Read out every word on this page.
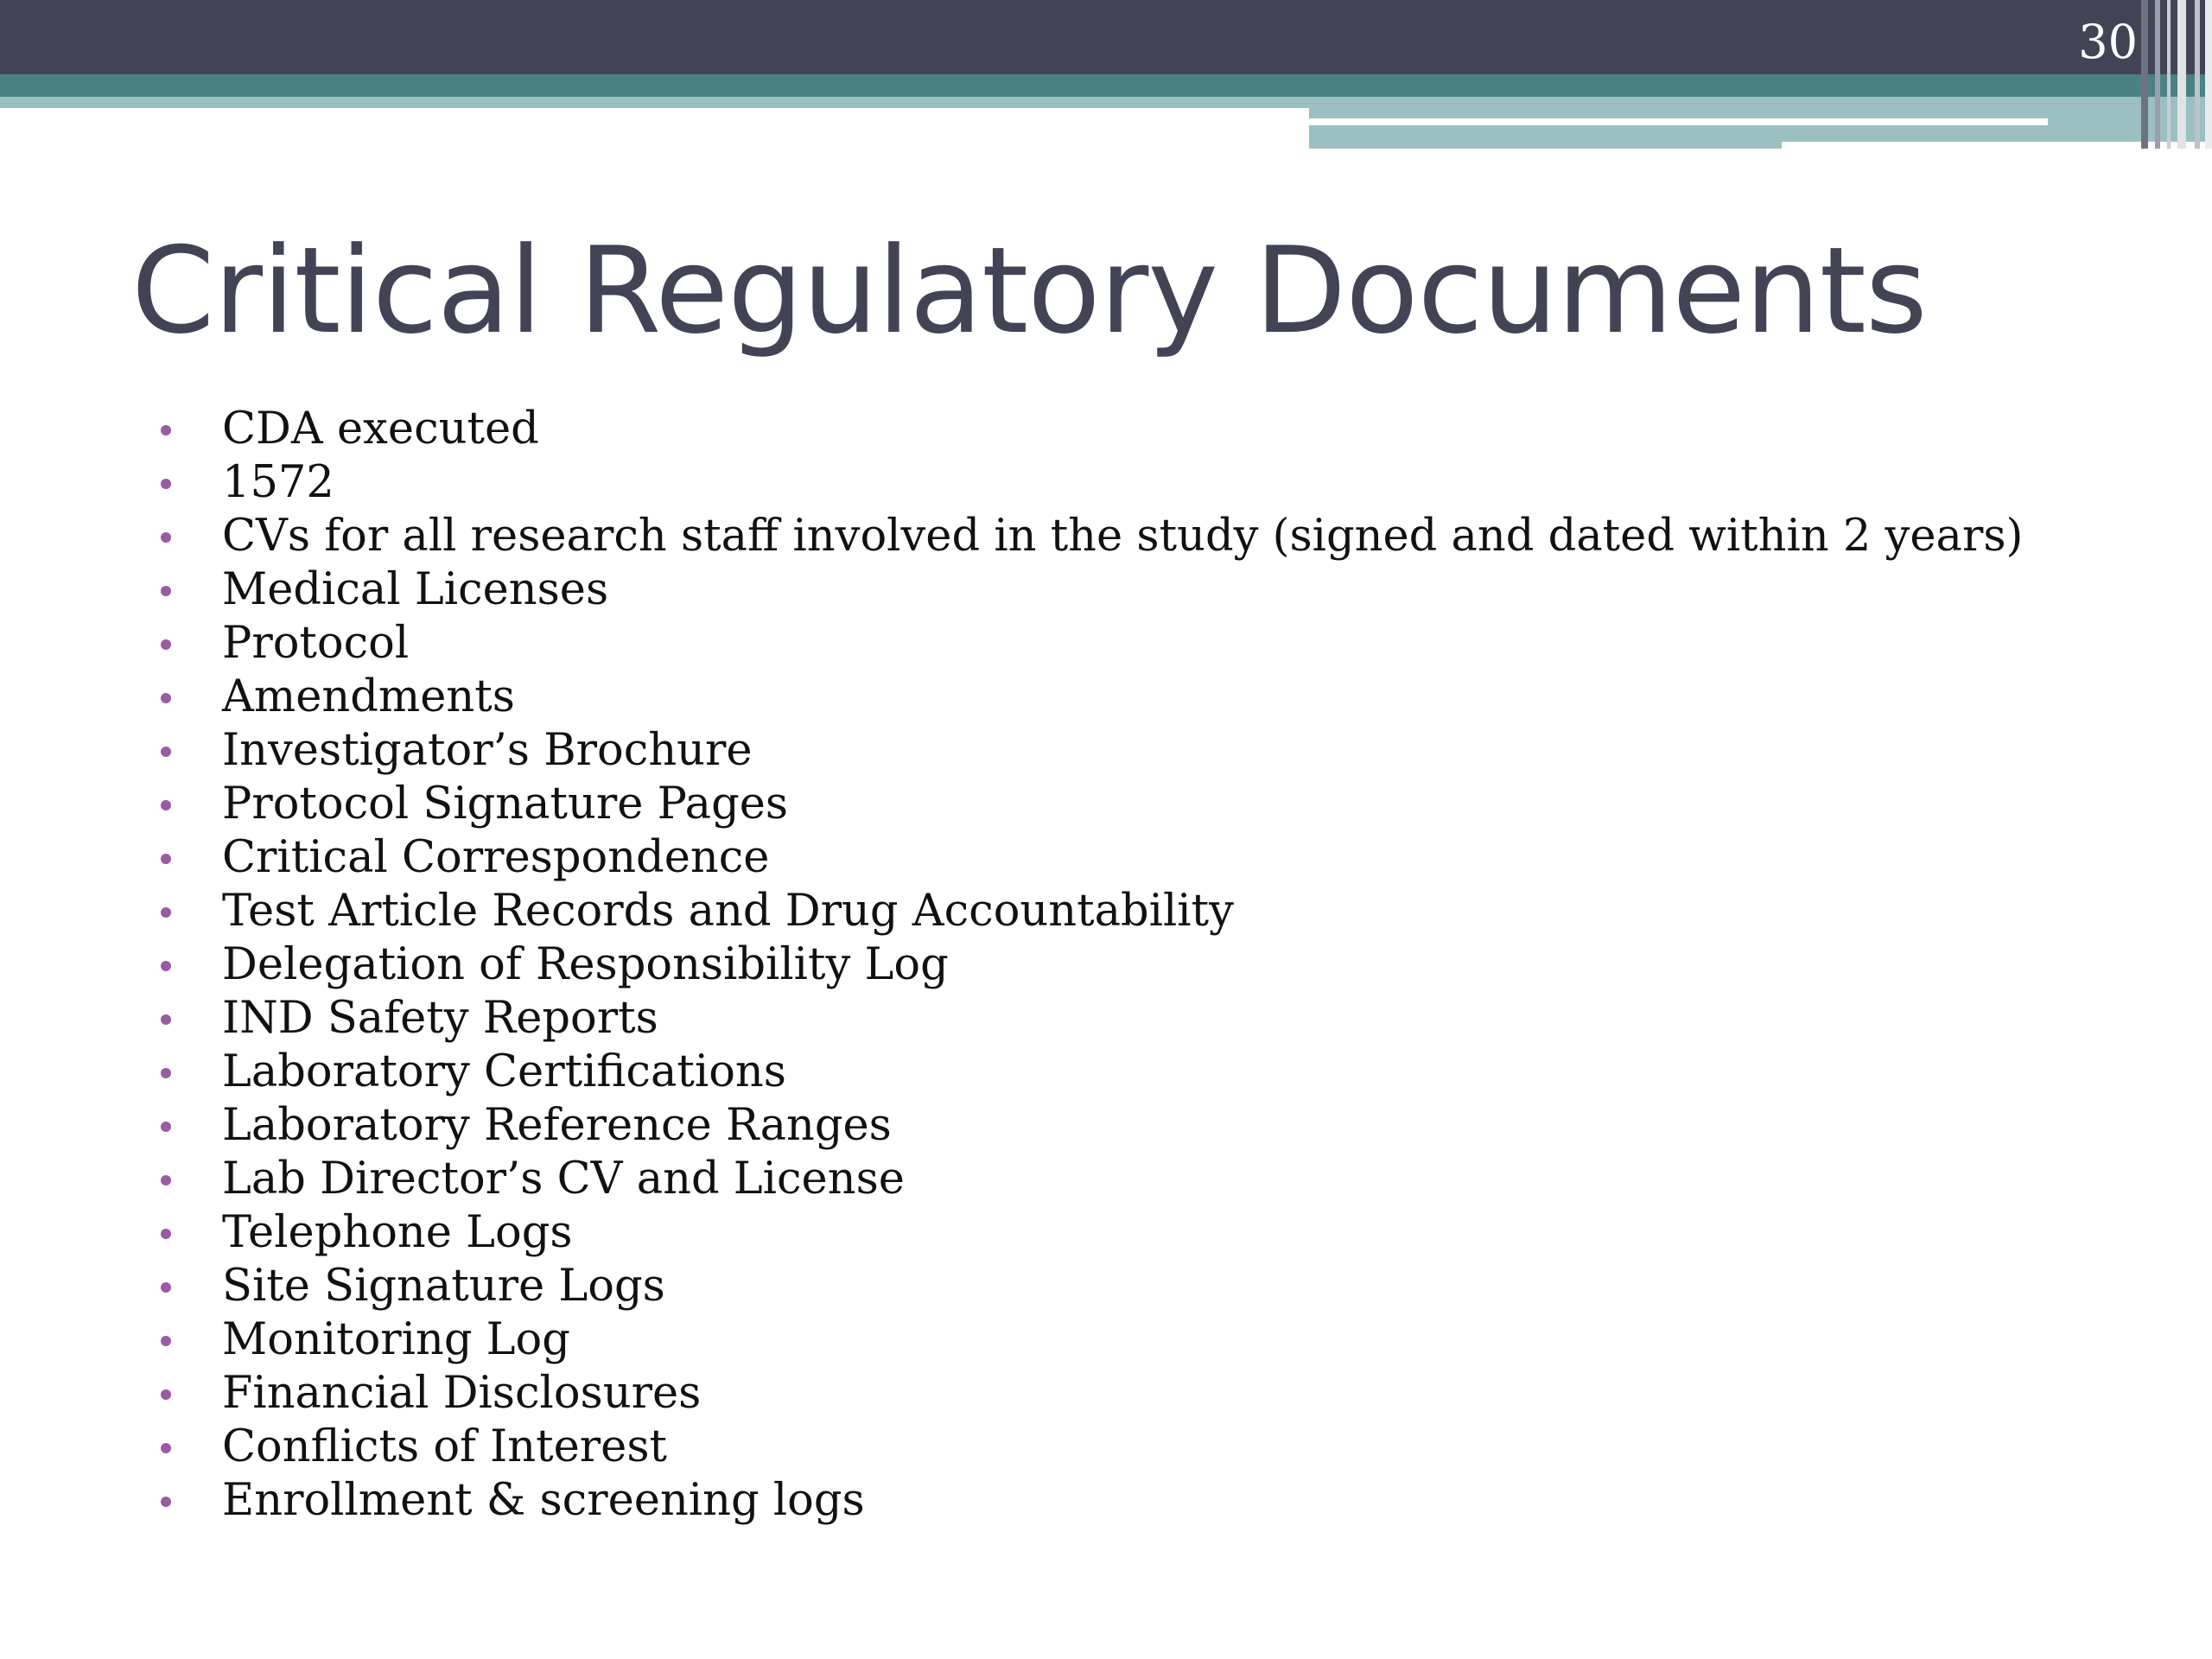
30
Critical Regulatory Documents
CDA executed
1572
CVs for all research staff involved in the study (signed and dated within 2 years)
Medical Licenses
Protocol
Amendments
Investigator’s Brochure
Protocol Signature Pages
Critical Correspondence
Test Article Records and Drug Accountability
Delegation of Responsibility Log
IND Safety Reports
Laboratory Certifications
Laboratory Reference Ranges
Lab Director’s CV and License
Telephone Logs
Site Signature Logs
Monitoring Log
Financial Disclosures
Conflicts of Interest
Enrollment & screening logs
